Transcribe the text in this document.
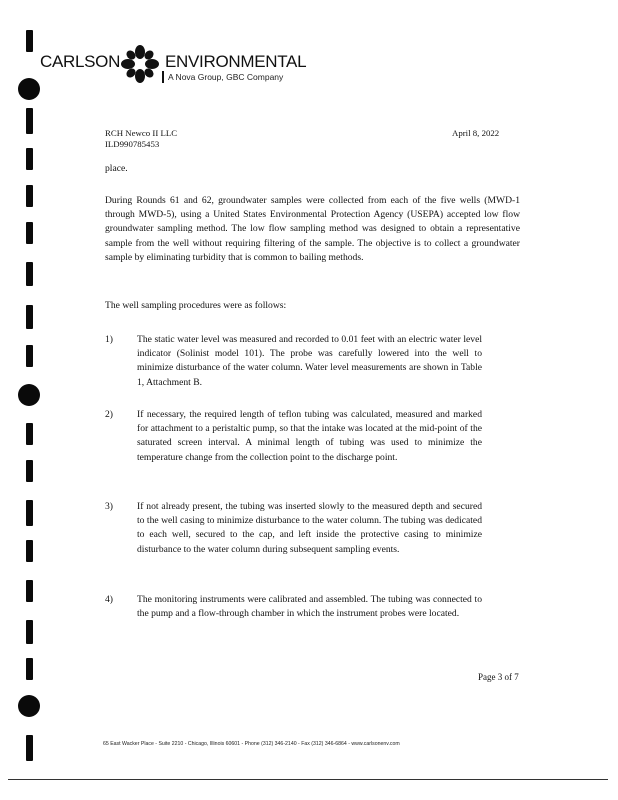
CARLSON	ENVIRONMENTAL
A Nova Group, GBC Company
RCH Newco II LLC
ILD990785453
April 8, 2022
place.
During Rounds 61 and 62, groundwater samples were collected from each of the five wells (MWD-1 through MWD-5), using a United States Environmental Protection Agency (USEPA) accepted low flow groundwater sampling method. The low flow sampling method was designed to obtain a representative sample from the well without requiring filtering of the sample. The objective is to collect a groundwater sample by eliminating turbidity that is common to bailing methods.
The well sampling procedures were as follows:
1)	The static water level was measured and recorded to 0.01 feet with an electric water level indicator (Solinist model 101). The probe was carefully lowered into the well to minimize disturbance of the water column. Water level measurements are shown in Table 1, Attachment B.
2)	If necessary, the required length of teflon tubing was calculated, measured and marked for attachment to a peristaltic pump, so that the intake was located at the mid-point of the saturated screen interval. A minimal length of tubing was used to minimize the temperature change from the collection point to the discharge point.
3)	If not already present, the tubing was inserted slowly to the measured depth and secured to the well casing to minimize disturbance to the water column. The tubing was dedicated to each well, secured to the cap, and left inside the protective casing to minimize disturbance to the water column during subsequent sampling events.
4)	The monitoring instruments were calibrated and assembled. The tubing was connected to the pump and a flow-through chamber in which the instrument probes were located.
Page 3 of 7
65 East Wacker Place - Suite 2210 - Chicago, Illinois 60601 - Phone (312) 346-2140 - Fax (312) 346-6864 - www.carlsonenv.com
